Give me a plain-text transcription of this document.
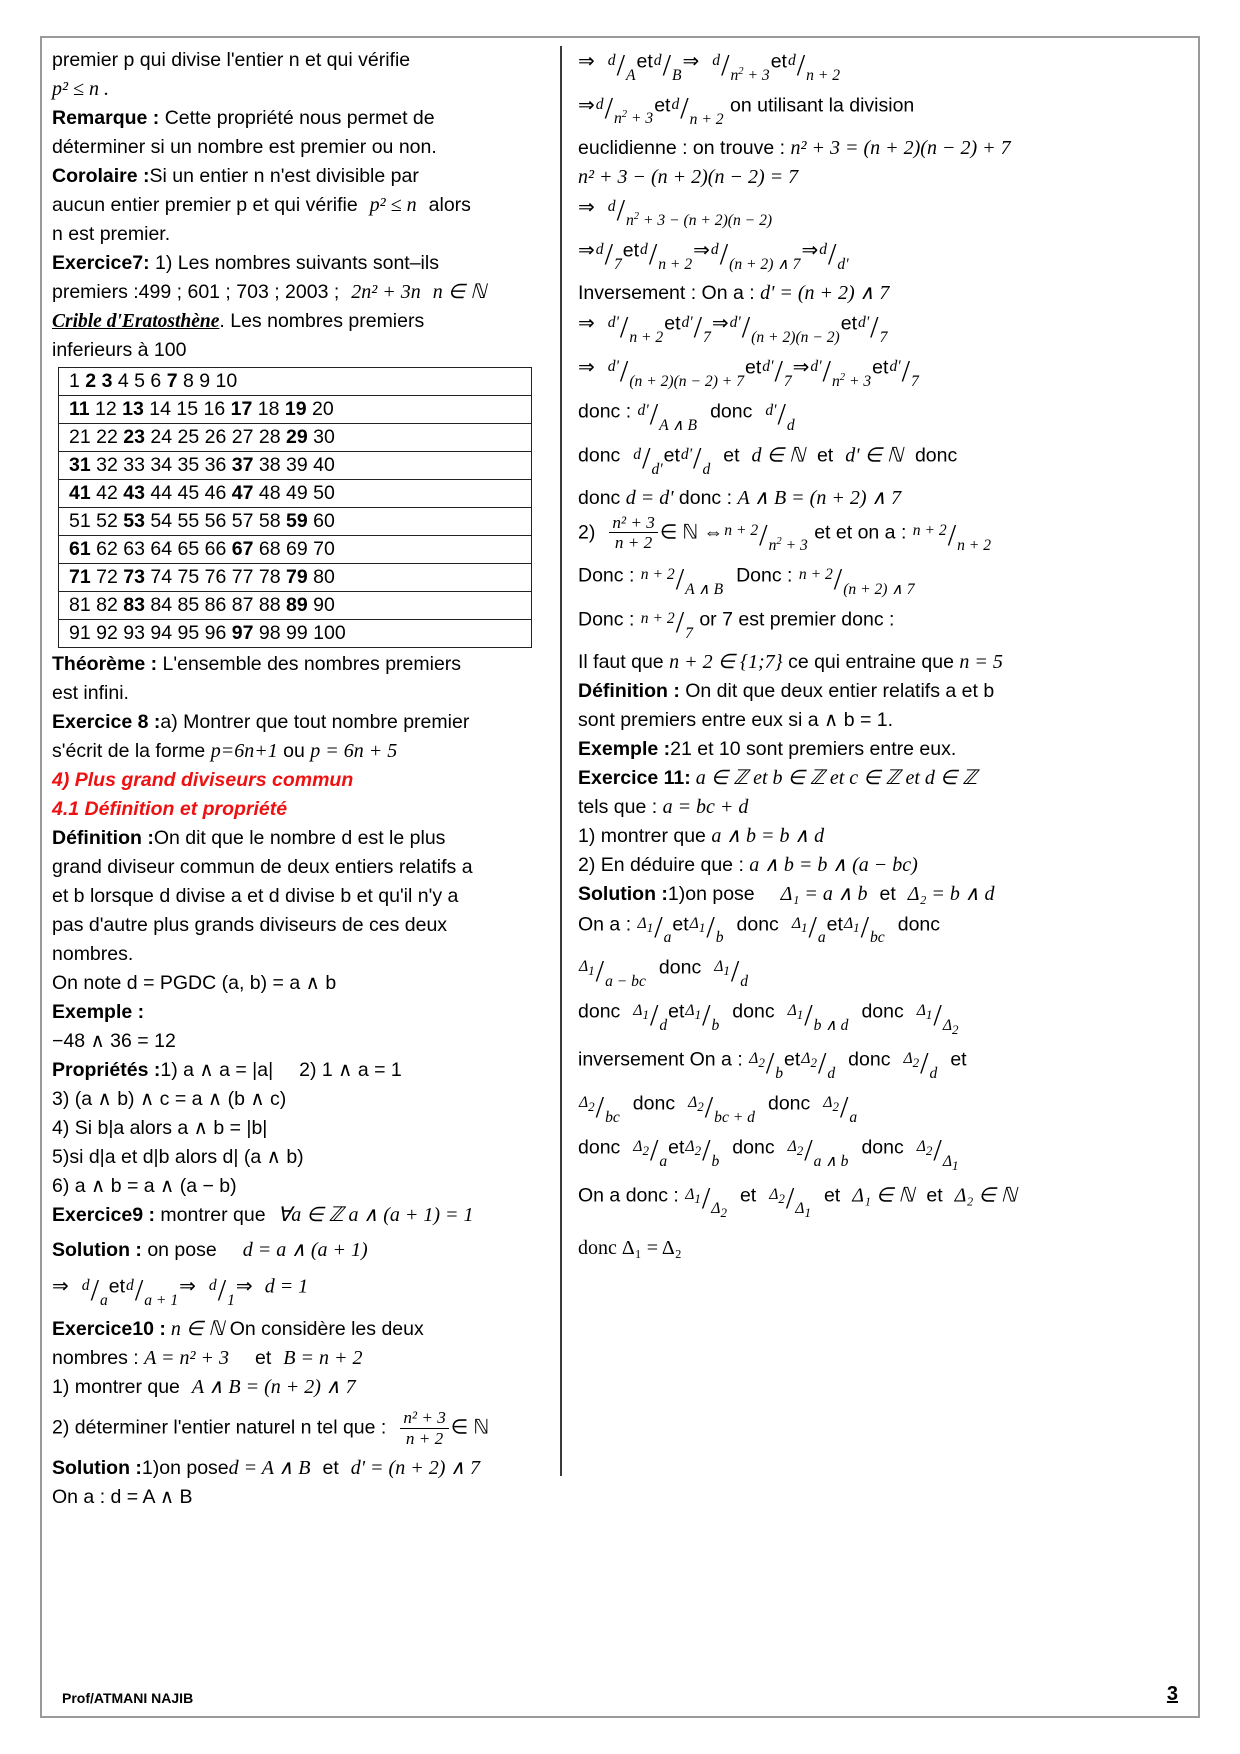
premier p qui divise l'entier n et qui vérifie

p² ≤ n .

Remarque : Cette propriété nous permet de

déterminer si un nombre est premier ou non.

Corolaire :Si un entier n n'est divisible par

aucun entier premier p et qui vérifie p² ≤ n alors

n est premier.

Exercice7: 1) Les nombres suivants sont–ils

premiers :499 ; 601 ; 703 ; 2003 ; 2n² + 3n n ∈ ℕ

Crible d'Eratosthène. Les nombres premiers

inferieurs à 100

1 2 3 4 5 6 7 8 9 10
11 12 13 14 15 16 17 18 19 20
21 22 23 24 25 26 27 28 29 30
31 32 33 34 35 36 37 38 39 40
41 42 43 44 45 46 47 48 49 50
51 52 53 54 55 56 57 58 59 60
61 62 63 64 65 66 67 68 69 70
71 72 73 74 75 76 77 78 79 80
81 82 83 84 85 86 87 88 89 90
91 92 93 94 95 96 97 98 99 100

Théorème : L'ensemble des nombres premiers

est infini.

Exercice 8 :a) Montrer que tout nombre premier

s'écrit de la forme p=6n+1 ou p = 6n + 5

4) Plus grand diviseurs commun

4.1 Définition et propriété

Définition :On dit que le nombre d est le plus

grand diviseur commun de deux entiers relatifs a

et b lorsque d divise a et d divise b et qu'il n'y a

pas d'autre plus grands diviseurs de ces deux

nombres.

On note d = PGDC (a, b) = a ∧ b

Exemple :

−48 ∧ 36 = 12

Propriétés :1) a ∧ a = |a| 2) 1 ∧ a = 1

3) (a ∧ b) ∧ c = a ∧ (b ∧ c)

4) Si b|a alors a ∧ b = |b|

5)si d|a et d|b alors d| (a ∧ b)

6) a ∧ b = a ∧ (a − b)

Exercice9 : montrer que ∀a ∈ ℤ a ∧ (a + 1) = 1

Solution : on pose d = a ∧ (a + 1)

⇒ d/aetd/a + 1⇒ d/1⇒ d = 1

Exercice10 : n ∈ ℕ On considère les deux

nombres : A = n² + 3 et B = n + 2

1) montrer que A ∧ B = (n + 2) ∧ 7

2) déterminer l'entier naturel n tel que : $\frac{\text{n² + 3}}{n + 2}$ ∈ ℕ

Solution :1)on posed = A ∧ B et d' = (n + 2) ∧ 7

On a : d = A ∧ B

⇒ d/Aetd/B⇒ $d/n^2 + 3etd/n + 2$

$\Rightarrow d/n^2 + 3etd/n + 2$ on utilisant la division

euclidienne : on trouve : n² + 3 = (n + 2)(n − 2) + 7

n² + 3 − (n + 2)(n − 2) = 7

⇒ $d/n^2 + 3 - (n + 2)(n - 2)$

⇒d/7etd/n + 2⇒d/(n + 2) ∧ 7⇒d/d'

Inversement : On a : d' = (n + 2) ∧ 7

⇒ d'/n + 2etd'/7⇒d'/(n + 2)(n − 2)etd'/7

⇒ $d'/(n + 2)(n - 2) + 7etd'/7\Rightarrow d'/n^2 + 3etd'/7$

donc : d'/A ∧ Bdonc d'/d

donc d/d'etd'/det d ∈ ℕ et d' ∈ ℕ donc

donc d = d' donc : A ∧ B = (n + 2) ∧ 7

$2) \frac{\text{n² + 3}}{n + 2}$ ∈ ℕ ⇔n + $2/n^2 + 3$ et et on a : n + 2/n + 2

Donc : n + 2/A ∧ BDonc : n + 2/(n + 2) ∧ 7

Donc : n + 2/7 or 7 est premier donc :

Il faut que n + 2 ∈ {1;7} ce qui entraine que n = 5

Définition : On dit que deux entier relatifs a et b

sont premiers entre eux si a ∧ b = 1.

Exemple :21 et 10 sont premiers entre eux.

Exercice 11: a ∈ ℤ et b ∈ ℤ et c ∈ ℤ et d ∈ ℤ

tels que : a = bc + d

1) montrer que a ∧ b = b ∧ d

2) En déduire que : a ∧ b = b ∧ (a − bc)

Solution :1)on pose Δ₁ = a ∧ b et Δ₂ = b ∧ d

On a : $\Delta_1/aet\Delta_1$/bdonc $\Delta_1/aet\Delta_1$/bcdonc

$\Delta_1/a$ − bcdonc $\Delta_1/d$

donc $\Delta_1/\det\Delta_1$/bdonc $\Delta_1/b$ ∧ ddonc $\Delta_1/\Delta_2$

inversement On a : $\Delta_2/bet\Delta_2$/ddonc $\Delta_2/\det$

$\Delta_2$/bcdonc $\Delta_2/bc$ + ddonc $\Delta_2/a$

donc $\Delta_2/aet\Delta_2$/bdonc $\Delta_2/a$ ∧ bdonc $\Delta_2/\Delta_1$

On a donc : $\Delta_1/\Delta_2et$ $\Delta_2/\Delta_1et$ Δ₁ ∈ ℕ et Δ₂ ∈ ℕ

donc Δ₁ = Δ₂

Prof/ATMANI NAJIB	3
